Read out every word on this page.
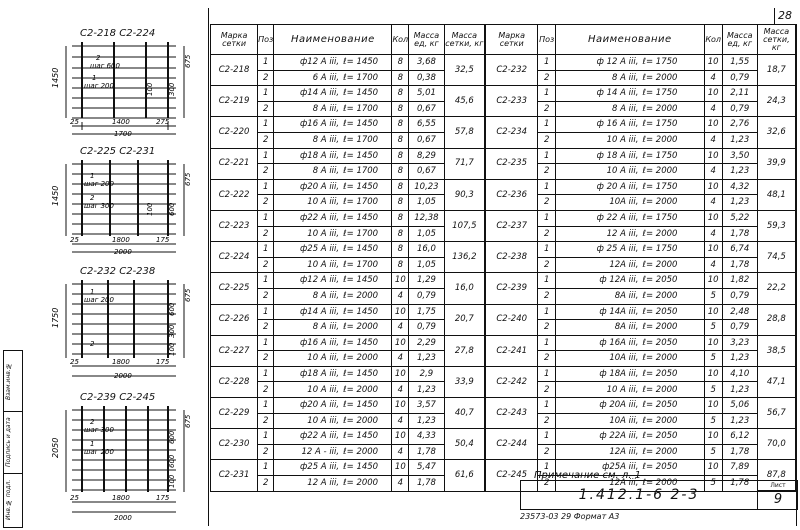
28
Взам.инв.№
Подпись и дата
Инв.№ подл.
С2-218 С2-224
1450
2
шаг 600
1
шаг 200
675
300
100
25	1400	275
1700
С2-225 С2-231
1450
1
шаг 200
2
шаг 300
675
600
100
25	1800	175
2000
С2-232 С2-238
1750
1
шаг 200
2
675
600
300
100
25	1800	175
2000
С2-239 С2-245
2050
2
шаг 300
1
шаг 200
675
600
600
100
25	1800	175
2000
Марка сетки	Поз	Наименование	Кол	Масса ед, кг	Масса сетки, кг
С2-218	1	ф12 А ііі, ℓ= 1450	8	3,68	32,5
	2	6 А ііі, ℓ= 1700	8	0,38	
С2-219	1	ф14 А ііі, ℓ= 1450	8	5,01	45,6
	2	8 А ііі, ℓ= 1700	8	0,67	
С2-220	1	ф16 А ііі, ℓ= 1450	8	6,55	57,8
	2	8 А ііі, ℓ= 1700	8	0,67	
С2-221	1	ф18 А ііі, ℓ= 1450	8	8,29	71,7
	2	8 А ііі, ℓ= 1700	8	0,67	
С2-222	1	ф20 А ііі, ℓ= 1450	8	10,23	90,3
	2	10 А ііі, ℓ= 1700	8	1,05	
С2-223	1	ф22 А ііі, ℓ= 1450	8	12,38	107,5
	2	10 А ііі, ℓ= 1700	8	1,05	
С2-224	1	ф25 А ііі, ℓ= 1450	8	16,0	136,2
	2	10 А ііі, ℓ= 1700	8	1,05	
С2-225	1	ф12 А ііі, ℓ= 1450	10	1,29	16,0
	2	8 А ііі, ℓ= 2000	4	0,79	
С2-226	1	ф14 А ііі, ℓ= 1450	10	1,75	20,7
	2	8 А ііі, ℓ= 2000	4	0,79	
С2-227	1	ф16 А ііі, ℓ= 1450	10	2,29	27,8
	2	10 А ііі, ℓ= 2000	4	1,23	
С2-228	1	ф18 А ііі, ℓ= 1450	10	2,9	33,9
	2	10 А ііі, ℓ= 2000	4	1,23	
С2-229	1	ф20 А ііі, ℓ= 1450	10	3,57	40,7
	2	10 А ііі, ℓ= 2000	4	1,23	
С2-230	1	ф22 А ііі, ℓ= 1450	10	4,33	50,4
	2	12 А - ііі, ℓ= 2000	4	1,78	
С2-231	1	ф25 А ііі, ℓ= 1450	10	5,47	61,6
	2	12 А ііі, ℓ= 2000	4	1,78	
Марка сетки	Поз	Наименование	Кол	Масса ед, кг	Масса сетки, кг
С2-232	1	ф 12 А ііі, ℓ= 1750	10	1,55	18,7
	2	8 А ііі, ℓ= 2000	4	0,79	
С2-233	1	ф 14 А ііі, ℓ= 1750	10	2,11	24,3
	2	8 А ііі, ℓ= 2000	4	0,79	
С2-234	1	ф 16 А ііі, ℓ= 1750	10	2,76	32,6
	2	10 А ііі, ℓ= 2000	4	1,23	
С2-235	1	ф 18 А ііі, ℓ= 1750	10	3,50	39,9
	2	10 А ііі, ℓ= 2000	4	1,23	
С2-236	1	ф 20 А ііі, ℓ= 1750	10	4,32	48,1
	2	10А ііі, ℓ= 2000	4	1,23	
С2-237	1	ф 22 А ііі, ℓ= 1750	10	5,22	59,3
	2	12 А ііі, ℓ= 2000	4	1,78	
С2-238	1	ф 25 А ііі, ℓ= 1750	10	6,74	74,5
	2	12А ііі, ℓ= 2000	4	1,78	
С2-239	1	ф 12А ііі, ℓ= 2050	10	1,82	22,2
	2	8А ііі, ℓ= 2000	5	0,79	
С2-240	1	ф 14А ііі, ℓ= 2050	10	2,48	28,8
	2	8А ііі, ℓ= 2000	5	0,79	
С2-241	1	ф 16А ііі, ℓ= 2050	10	3,23	38,5
	2	10А ііі, ℓ= 2000	5	1,23	
С2-242	1	ф 18А ііі, ℓ= 2050	10	4,10	47,1
	2	10 А ііі, ℓ= 2000	5	1,23	
С2-243	1	ф 20А ііі, ℓ= 2050	10	5,06	56,7
	2	10А ііі, ℓ= 2000	5	1,23	
С2-244	1	ф 22А ііі, ℓ= 2050	10	6,12	70,0
	2	12А ііі, ℓ= 2000	5	1,78	
С2-245	1	ф25А ііі, ℓ= 2050	10	7,89	87,8
	2	12А ііі, ℓ= 2000	5	1,78	
Примечание см. л. 1
1.412.1-6 2-3
Лист
9
23573-03 29 Формат А3
